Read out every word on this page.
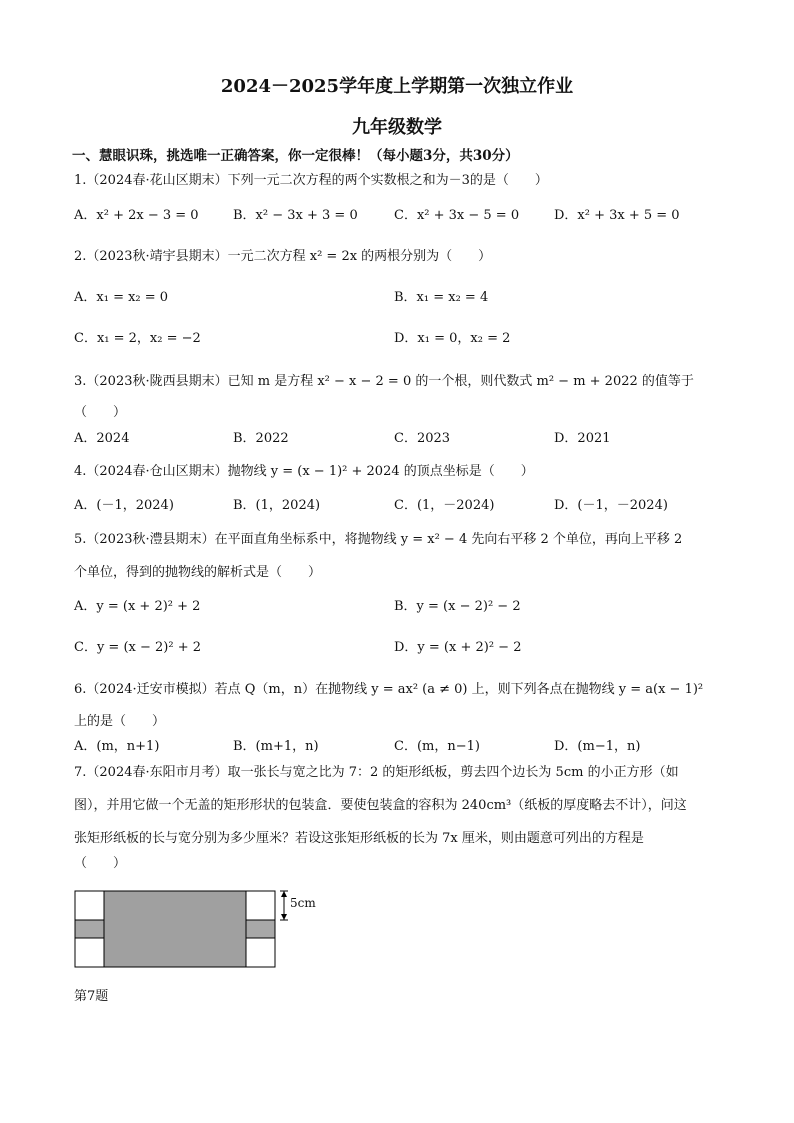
2024－2025学年度上学期第一次独立作业
九年级数学
一、慧眼识珠，挑选唯一正确答案，你一定很棒！（每小题3分，共30分）
1.（2024春·花山区期末）下列一元二次方程的两个实数根之和为－3的是（　　）
A．x² + 2x − 3 = 0	B．x² − 3x + 3 = 0	C．x² + 3x − 5 = 0	D．x² + 3x + 5 = 0
2.（2023秋·靖宇县期末）一元二次方程 x² = 2x 的两根分别为（　　）
A．x₁ = x₂ = 0	B．x₁ = x₂ = 4
C．x₁ = 2，x₂ = −2	D．x₁ = 0，x₂ = 2
3.（2023秋·陇西县期末）已知 m 是方程 x² − x − 2 = 0 的一个根，则代数式 m² − m + 2022 的值等于
（　　）
A．2024	B．2022	C．2023	D．2021
4.（2024春·仓山区期末）抛物线 y = (x − 1)² + 2024 的顶点坐标是（　　）
A．(－1，2024)	B．(1，2024)	C．(1，－2024)	D．(－1，－2024)
5.（2023秋·澧县期末）在平面直角坐标系中，将抛物线 y = x² − 4 先向右平移 2 个单位，再向上平移 2
个单位，得到的抛物线的解析式是（　　）
A．y = (x + 2)² + 2	B．y = (x − 2)² − 2
C．y = (x − 2)² + 2	D．y = (x + 2)² − 2
6.（2024·迁安市模拟）若点 Q（m，n）在抛物线 y = ax² (a ≠ 0) 上，则下列各点在抛物线 y = a(x − 1)²
上的是（　　）
A．(m，n+1)	B．(m+1，n)	C．(m，n−1)	D．(m−1，n)
7.（2024春·东阳市月考）取一张长与宽之比为 7：2 的矩形纸板，剪去四个边长为 5cm 的小正方形（如
图），并用它做一个无盖的矩形形状的包装盒．要使包装盒的容积为 240cm³（纸板的厚度略去不计），问这
张矩形纸板的长与宽分别为多少厘米？若设这张矩形纸板的长为 7x 厘米，则由题意可列出的方程是
（　　）
5cm
第7题
